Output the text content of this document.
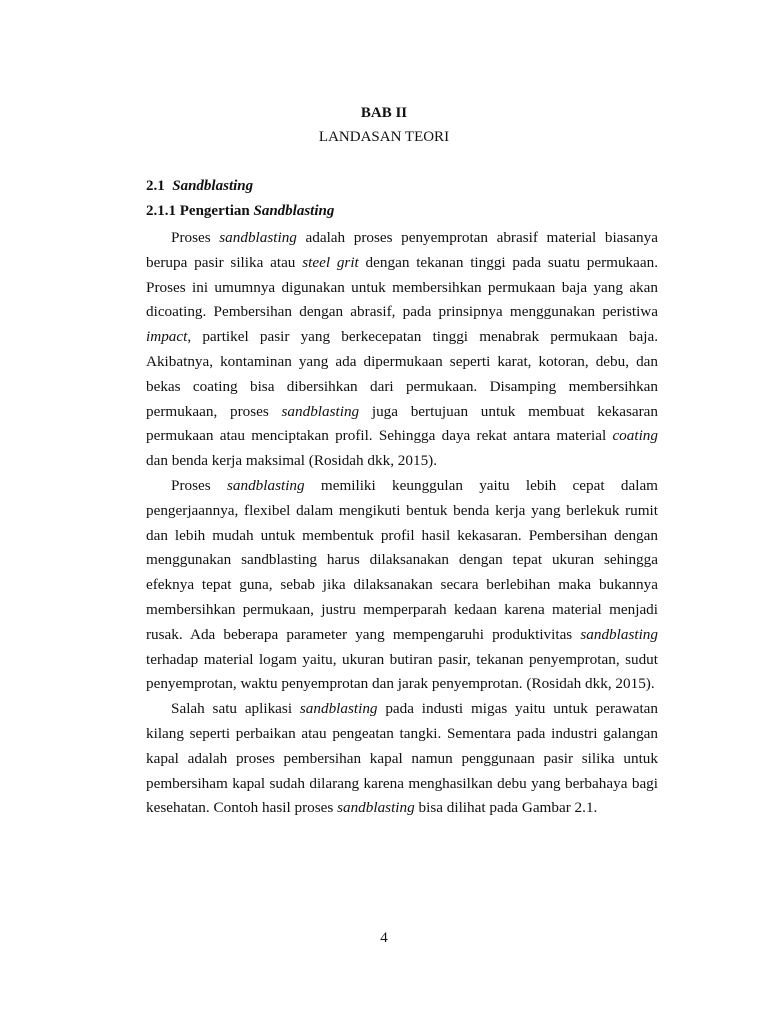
BAB II
LANDASAN TEORI
2.1 Sandblasting
2.1.1 Pengertian Sandblasting

Proses sandblasting adalah proses penyemprotan abrasif material biasanya berupa pasir silika atau steel grit dengan tekanan tinggi pada suatu permukaan. Proses ini umumnya digunakan untuk membersihkan permukaan baja yang akan dicoating. Pembersihan dengan abrasif, pada prinsipnya menggunakan peristiwa impact, partikel pasir yang berkecepatan tinggi menabrak permukaan baja. Akibatnya, kontaminan yang ada dipermukaan seperti karat, kotoran, debu, dan bekas coating bisa dibersihkan dari permukaan. Disamping membersihkan permukaan, proses sandblasting juga bertujuan untuk membuat kekasaran permukaan atau menciptakan profil. Sehingga daya rekat antara material coating dan benda kerja maksimal (Rosidah dkk, 2015).

Proses sandblasting memiliki keunggulan yaitu lebih cepat dalam pengerjaannya, flexibel dalam mengikuti bentuk benda kerja yang berlekuk rumit dan lebih mudah untuk membentuk profil hasil kekasaran. Pembersihan dengan menggunakan sandblasting harus dilaksanakan dengan tepat ukuran sehingga efeknya tepat guna, sebab jika dilaksanakan secara berlebihan maka bukannya membersihkan permukaan, justru memperparah kedaan karena material menjadi rusak. Ada beberapa parameter yang mempengaruhi produktivitas sandblasting terhadap material logam yaitu, ukuran butiran pasir, tekanan penyemprotan, sudut penyemprotan, waktu penyemprotan dan jarak penyemprotan. (Rosidah dkk, 2015).

Salah satu aplikasi sandblasting pada industi migas yaitu untuk perawatan kilang seperti perbaikan atau pengeatan tangki. Sementara pada industri galangan kapal adalah proses pembersihan kapal namun penggunaan pasir silika untuk pembersiham kapal sudah dilarang karena menghasilkan debu yang berbahaya bagi kesehatan. Contoh hasil proses sandblasting bisa dilihat pada Gambar 2.1.

4
